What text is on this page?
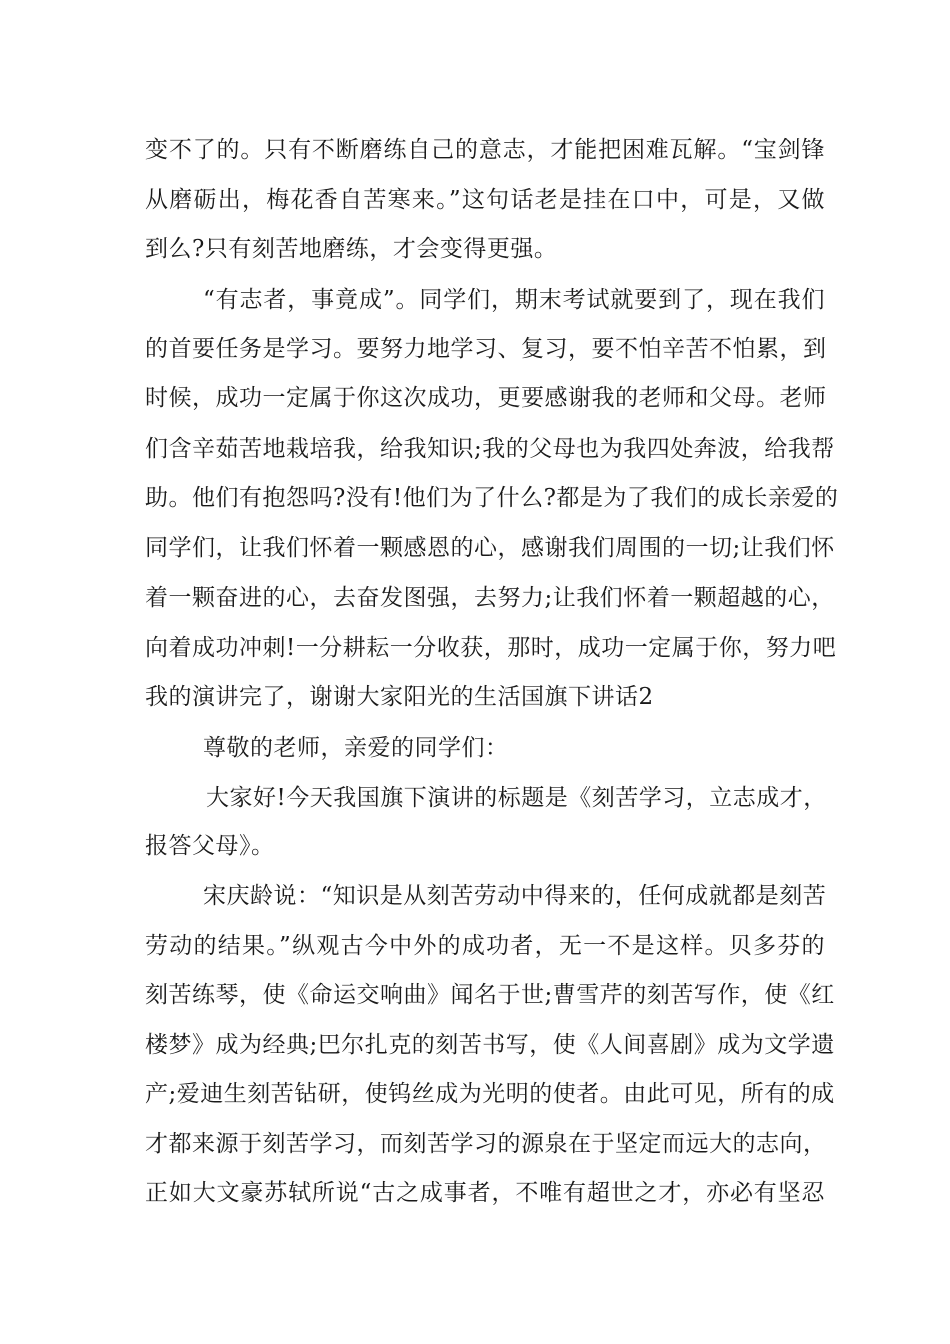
变不了的。只有不断磨练自己的意志，才能把困难瓦解。“宝剑锋
从磨砺出，梅花香自苦寒来。”这句话老是挂在口中，可是，又做
到么?只有刻苦地磨练，才会变得更强。
“有志者，事竟成”。同学们，期末考试就要到了，现在我们
的首要任务是学习。要努力地学习、复习，要不怕辛苦不怕累，到
时候，成功一定属于你这次成功，更要感谢我的老师和父母。老师
们含辛茹苦地栽培我，给我知识;我的父母也为我四处奔波，给我帮
助。他们有抱怨吗?没有!他们为了什么?都是为了我们的成长亲爱的
同学们，让我们怀着一颗感恩的心，感谢我们周围的一切;让我们怀
着一颗奋进的心，去奋发图强，去努力;让我们怀着一颗超越的心，
向着成功冲刺!一分耕耘一分收获，那时，成功一定属于你，努力吧
我的演讲完了，谢谢大家阳光的生活国旗下讲话2
尊敬的老师，亲爱的同学们：
大家好!今天我国旗下演讲的标题是《刻苦学习，立志成才，
报答父母》。
宋庆龄说：“知识是从刻苦劳动中得来的，任何成就都是刻苦
劳动的结果。”纵观古今中外的成功者，无一不是这样。贝多芬的
刻苦练琴，使《命运交响曲》闻名于世;曹雪芹的刻苦写作，使《红
楼梦》成为经典;巴尔扎克的刻苦书写，使《人间喜剧》成为文学遗
产;爱迪生刻苦钻研，使钨丝成为光明的使者。由此可见，所有的成
才都来源于刻苦学习，而刻苦学习的源泉在于坚定而远大的志向，
正如大文豪苏轼所说“古之成事者，不唯有超世之才，亦必有坚忍
